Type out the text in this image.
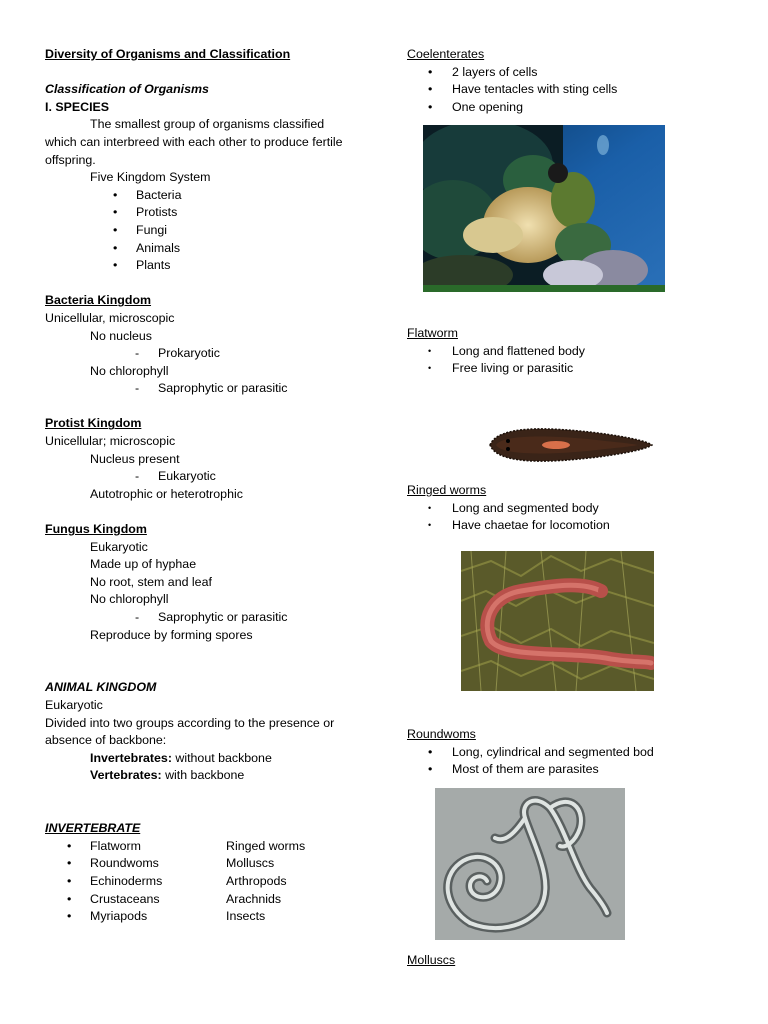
Diversity of Organisms and Classification
Classification of Organisms
I. SPECIES
The smallest group of organisms classified
which can interbreed with each other to produce fertile
offspring.
Five Kingdom System
• Bacteria
• Protists
• Fungi
• Animals
• Plants
Bacteria Kingdom
Unicellular, microscopic
No nucleus
- Prokaryotic
No chlorophyll
- Saprophytic or parasitic
Protist Kingdom
Unicellular; microscopic
Nucleus present
- Eukaryotic
Autotrophic or heterotrophic
Fungus Kingdom
Eukaryotic
Made up of hyphae
No root, stem and leaf
No chlorophyll
- Saprophytic or parasitic
Reproduce by forming spores
ANIMAL KINGDOM
Eukaryotic
Divided into two groups according to the presence or
absence of backbone:
Invertebrates: without backbone
Vertebrates: with backbone
INVERTEBRATE
• Flatworm	Ringed worms
• Roundwoms	Molluscs
• Echinoderms	Arthropods
• Crustaceans	Arachnids
• Myriapods	Insects
Coelenterates
• 2 layers of cells
• Have tentacles with sting cells
• One opening
Flatworm
• Long and flattened body
• Free living or parasitic
Ringed worms
• Long and segmented body
• Have chaetae for locomotion
Roundwoms
• Long, cylindrical and segmented bod
• Most of them are parasites
Molluscs
